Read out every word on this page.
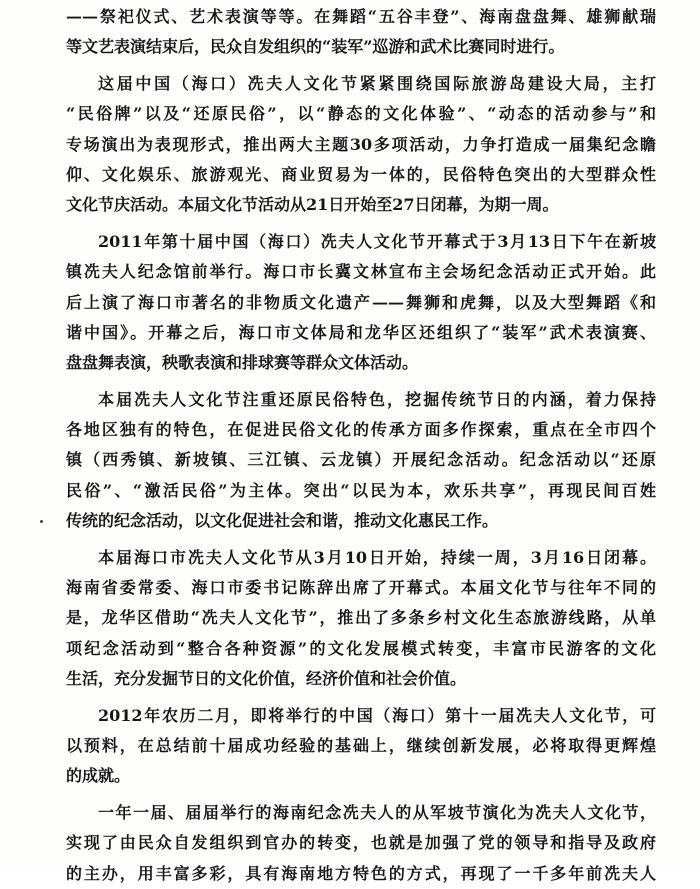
——祭祀仪式、艺术表演等等。在舞蹈“五谷丰登”、海南盘盘舞、雄狮献瑞
等文艺表演结束后，民众自发组织的“装军”巡游和武术比赛同时进行。
这届中国（海口）冼夫人文化节紧紧围绕国际旅游岛建设大局，主打
“民俗牌”以及“还原民俗”，以“静态的文化体验”、“动态的活动参与”和
专场演出为表现形式，推出两大主题30多项活动，力争打造成一届集纪念瞻
仰、文化娱乐、旅游观光、商业贸易为一体的，民俗特色突出的大型群众性
文化节庆活动。本届文化节活动从21日开始至27日闭幕，为期一周。
2011年第十届中国（海口）冼夫人文化节开幕式于3月13日下午在新坡
镇冼夫人纪念馆前举行。海口市长冀文林宣布主会场纪念活动正式开始。此
后上演了海口市著名的非物质文化遗产——舞狮和虎舞，以及大型舞蹈《和
谐中国》。开幕之后，海口市文体局和龙华区还组织了“装军”武术表演赛、
盘盘舞表演，秧歌表演和排球赛等群众文体活动。
本届冼夫人文化节注重还原民俗特色，挖掘传统节日的内涵，着力保持
各地区独有的特色，在促进民俗文化的传承方面多作探索，重点在全市四个
镇（西秀镇、新坡镇、三江镇、云龙镇）开展纪念活动。纪念活动以“还原
民俗”、“激活民俗”为主体。突出“以民为本，欢乐共享”，再现民间百姓
传统的纪念活动，以文化促进社会和谐，推动文化惠民工作。
本届海口市冼夫人文化节从3月10日开始，持续一周，3月16日闭幕。
海南省委常委、海口市委书记陈辞出席了开幕式。本届文化节与往年不同的
是，龙华区借助“冼夫人文化节”，推出了多条乡村文化生态旅游线路，从单
项纪念活动到“整合各种资源”的文化发展模式转变，丰富市民游客的文化
生活，充分发掘节日的文化价值，经济价值和社会价值。
2012年农历二月，即将举行的中国（海口）第十一届冼夫人文化节，可
以预料，在总结前十届成功经验的基础上，继续创新发展，必将取得更辉煌
的成就。
一年一届、届届举行的海南纪念冼夫人的从军坡节演化为冼夫人文化节，
实现了由民众自发组织到官办的转变，也就是加强了党的领导和指导及政府
的主办，用丰富多彩，具有海南地方特色的方式，再现了一千多年前冼夫人
